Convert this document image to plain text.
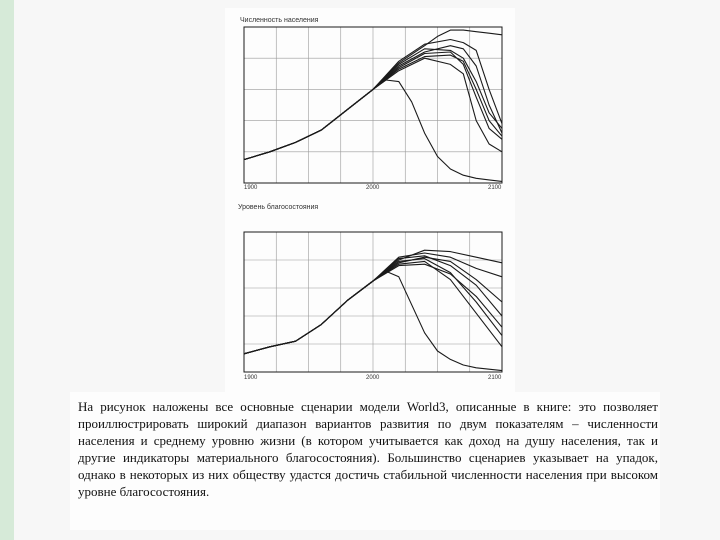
Численность населения
1900	2000	2100
Уровень благосостояния
1900	2000	2100

На рисунок наложены все основные сценарии модели World3, описанные в книге: это позволяет проиллюстрировать широкий диапазон вариантов развития по двум показателям – численности населения и среднему уровню жизни (в котором учитывается как доход на душу населения, так и другие индикаторы материального благосостояния). Большинство сценариев указывает на упадок, однако в некоторых из них обществу удастся достичь стабильной численности населения при высоком уровне благосостояния.
